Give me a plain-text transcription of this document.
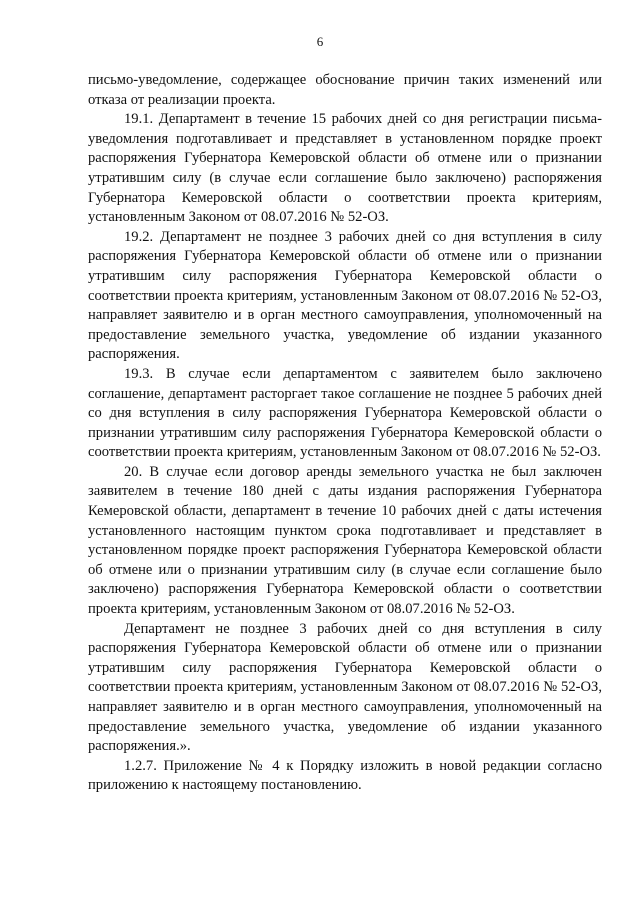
6

письмо-уведомление, содержащее обоснование причин таких изменений или отказа от реализации проекта.

19.1. Департамент в течение 15 рабочих дней со дня регистрации письма-уведомления подготавливает и представляет в установленном порядке проект распоряжения Губернатора Кемеровской области об отмене или о признании утратившим силу (в случае если соглашение было заключено) распоряжения Губернатора Кемеровской области о соответствии проекта критериям, установленным Законом от 08.07.2016 № 52-ОЗ.

19.2. Департамент не позднее 3 рабочих дней со дня вступления в силу распоряжения Губернатора Кемеровской области об отмене или о признании утратившим силу распоряжения Губернатора Кемеровской области о соответствии проекта критериям, установленным Законом от 08.07.2016 № 52-ОЗ, направляет заявителю и в орган местного самоуправления, уполномоченный на предоставление земельного участка, уведомление об издании указанного распоряжения.

19.3. В случае если департаментом с заявителем было заключено соглашение, департамент расторгает такое соглашение не позднее 5 рабочих дней со дня вступления в силу распоряжения Губернатора Кемеровской области о признании утратившим силу распоряжения Губернатора Кемеровской области о соответствии проекта критериям, установленным Законом от 08.07.2016 № 52-ОЗ.

20. В случае если договор аренды земельного участка не был заключен заявителем в течение 180 дней с даты издания распоряжения Губернатора Кемеровской области, департамент в течение 10 рабочих дней с даты истечения установленного настоящим пунктом срока подготавливает и представляет в установленном порядке проект распоряжения Губернатора Кемеровской области об отмене или о признании утратившим силу (в случае если соглашение было заключено) распоряжения Губернатора Кемеровской области о соответствии проекта критериям, установленным Законом от 08.07.2016 № 52-ОЗ.

Департамент не позднее 3 рабочих дней со дня вступления в силу распоряжения Губернатора Кемеровской области об отмене или о признании утратившим силу распоряжения Губернатора Кемеровской области о соответствии проекта критериям, установленным Законом от 08.07.2016 № 52-ОЗ, направляет заявителю и в орган местного самоуправления, уполномоченный на предоставление земельного участка, уведомление об издании указанного распоряжения.».

1.2.7. Приложение № 4 к Порядку изложить в новой редакции согласно приложению к настоящему постановлению.
